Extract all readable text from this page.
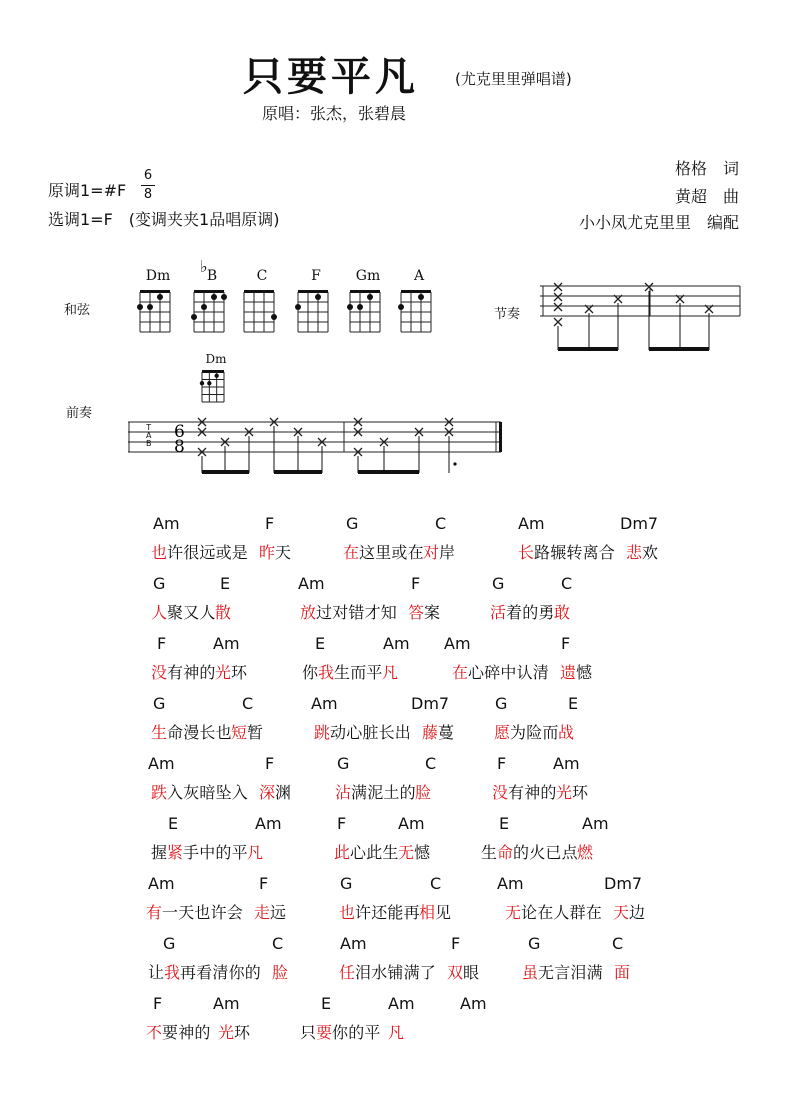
只要平凡 (尤克里里弹唱谱)
原唱：张杰，张碧晨
格格　词
黄超　曲
小小凤尤克里里　编配
原调1=#F
6
8
选调1=F　(变调夹夹1品唱原调)
和弦	节奏
前奏
Dm	♭ B	C	F	Gm	A
Dm
6
8
T
A
B
Am	F	G	C	Am	Dm7
也 许很远或是 昨 天	在 这里或在 对 岸	长 路辗转离合 悲 欢
G	E	Am	F	G	C
人 聚又人 散	放 过对错才知 答 案	活 着的勇 敢
F	Am	E	Am Am	F
没 有神的 光 环	你 我 生而平 凡	在 心碎中认清 遗 憾
G	C	Am	Dm7	G	E
生 命漫长也 短 暂	跳 动心脏长出 藤 蔓 愿 为险而 战
Am	F	G	C	F	Am
跌 入灰暗坠入 深 渊	沾 满泥土的 脸	没 有神的 光 环
E	Am	F	Am	E	Am
握 紧 手中的平 凡	此 心此生 无 憾	生 命 的火已点 燃
Am	F	G	C	Am	Dm7
有 一天也许会 走 远	也 许还能再 相 见	无 论在人群在 天 边
G	C	Am	F	G	C
让 我 再看清你的 脸	任 泪水铺满了 双 眼	虽 无言泪满 面
F	Am	E	Am	Am
不 要神的 光 环	只 要 你的平 凡
